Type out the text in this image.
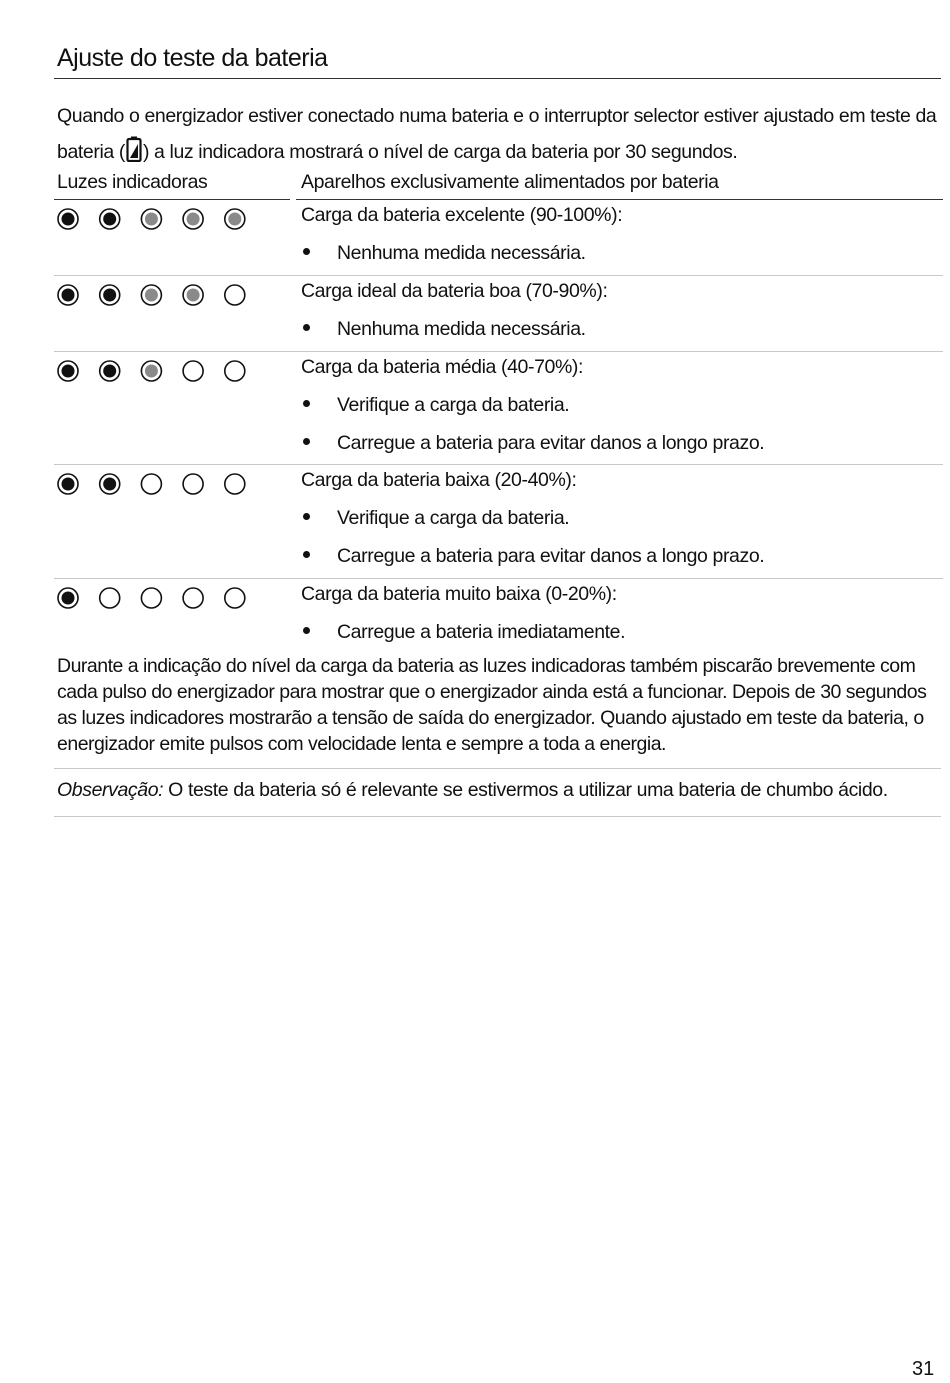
Ajuste do teste da bateria
Quando o energizador estiver conectado numa bateria e o interruptor selector estiver ajustado em teste da bateria ( ) a luz indicadora mostrará o nível de carga da bateria por 30 segundos.
Luzes indicadoras	Aparelhos exclusivamente alimentados por bateria
Carga da bateria excelente (90-100%):
Nenhuma medida necessária.
Carga ideal da bateria boa (70-90%):
Nenhuma medida necessária.
Carga da bateria média (40-70%):
Verifique a carga da bateria.
Carregue a bateria para evitar danos a longo prazo.
Carga da bateria baixa (20-40%):
Verifique a carga da bateria.
Carregue a bateria para evitar danos a longo prazo.
Carga da bateria muito baixa (0-20%):
Carregue a bateria imediatamente.
Durante a indicação do nível da carga da bateria as luzes indicadoras também piscarão brevemente com cada pulso do energizador para mostrar que o energizador ainda está a funcionar. Depois de 30 segundos as luzes indicadores mostrarão a tensão de saída do energizador. Quando ajustado em teste da bateria, o energizador emite pulsos com velocidade lenta e sempre a toda a energia.
Observação: O teste da bateria só é relevante se estivermos a utilizar uma bateria de chumbo ácido.
31
